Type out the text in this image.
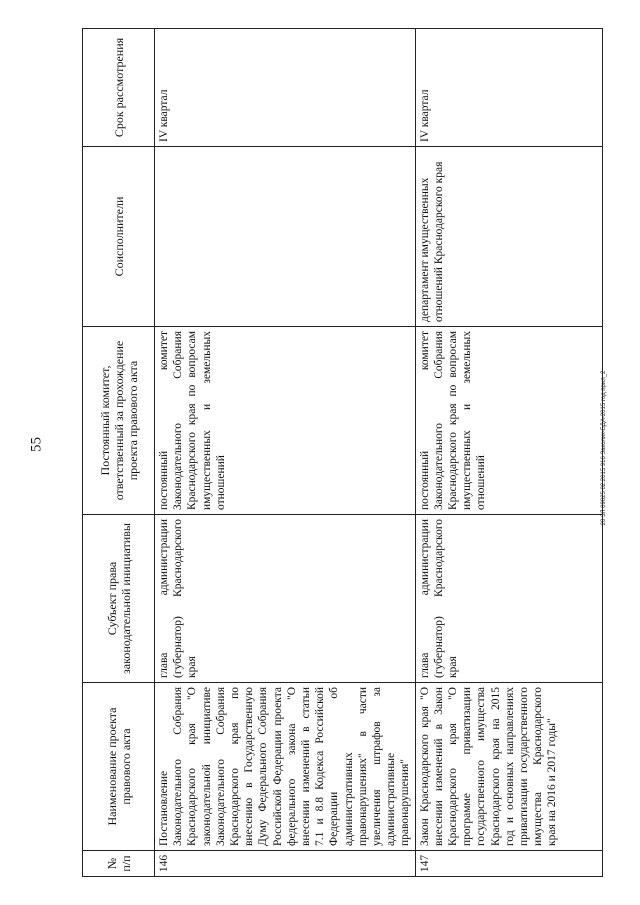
55	20 ЗЛ 09025 02.2015 916 Заколик-БДА-2015 год прил_2
№ п/п	Наименование проекта правового акта	Субъект права законодательной инициативы	Постоянный комитет, ответственный за прохождение проекта правового акта	Соисполнители	Срок рассмотрения
146	Постановление Законодательного Собрания Краснодарского края "О законодательной инициативе Законодательного Собрания Краснодарского края по внесению в Государственную Думу Федерального Собрания Российской Федерации проекта федерального закона "О внесении изменений в статьи 7.1 и 8.8 Кодекса Российской Федерации об административных правонарушениях" в части увеличения штрафов за административные правонарушения"	глава администрации (губернатор) Краснодарского края	постоянный комитет Законодательного Собрания Краснодарского края по вопросам имущественных и земельных отношений		IV квартал
147	Закон Краснодарского края "О внесении изменений в Закон Краснодарского края "О программе приватизации государственного имущества Краснодарского края на 2015 год и основных направлениях приватизации государственного имущества Краснодарского края на 2016 и 2017 годы"	глава администрации (губернатор) Краснодарского края	постоянный комитет Законодательного Собрания Краснодарского края по вопросам имущественных и земельных отношений	департамент имущественных отношений Краснодарского края	IV квартал
